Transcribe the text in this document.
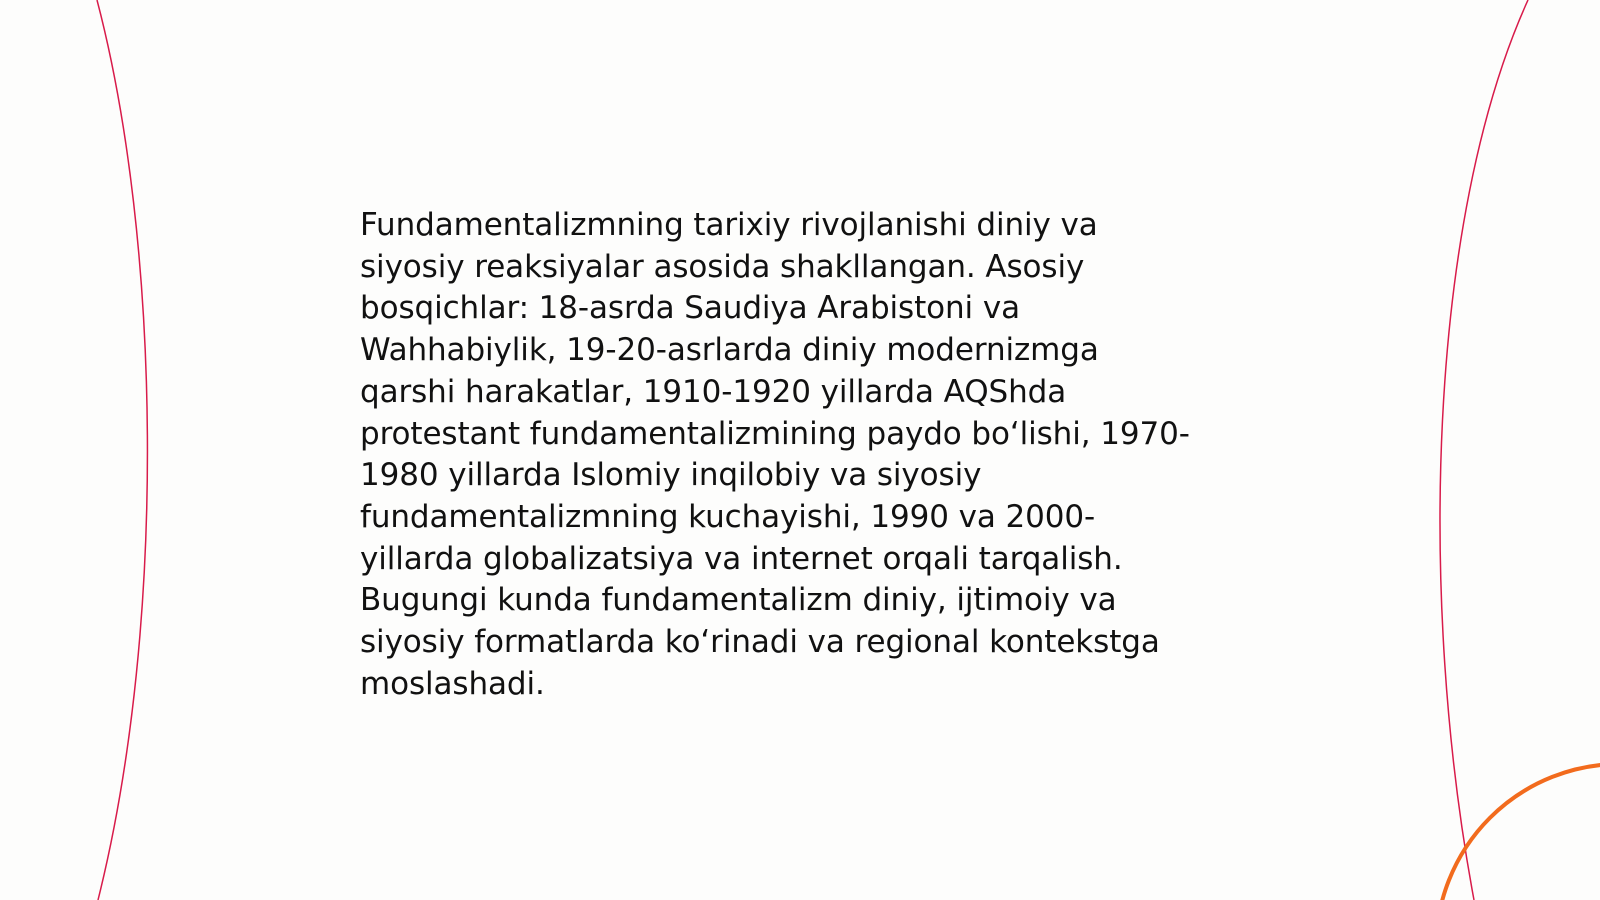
Fundamentalizmning tarixiy rivojlanishi diniy va
siyosiy reaksiyalar asosida shakllangan. Asosiy
bosqichlar: 18-asrda Saudiya Arabistoni va
Wahhabiylik, 19-20-asrlarda diniy modernizmga
qarshi harakatlar, 1910-1920 yillarda AQShda
protestant fundamentalizmining paydo boʻlishi, 1970-
1980 yillarda Islomiy inqilobiy va siyosiy
fundamentalizmning kuchayishi, 1990 va 2000-
yillarda globalizatsiya va internet orqali tarqalish.
Bugungi kunda fundamentalizm diniy, ijtimoiy va
siyosiy formatlarda koʻrinadi va regional kontekstga
moslashadi.
